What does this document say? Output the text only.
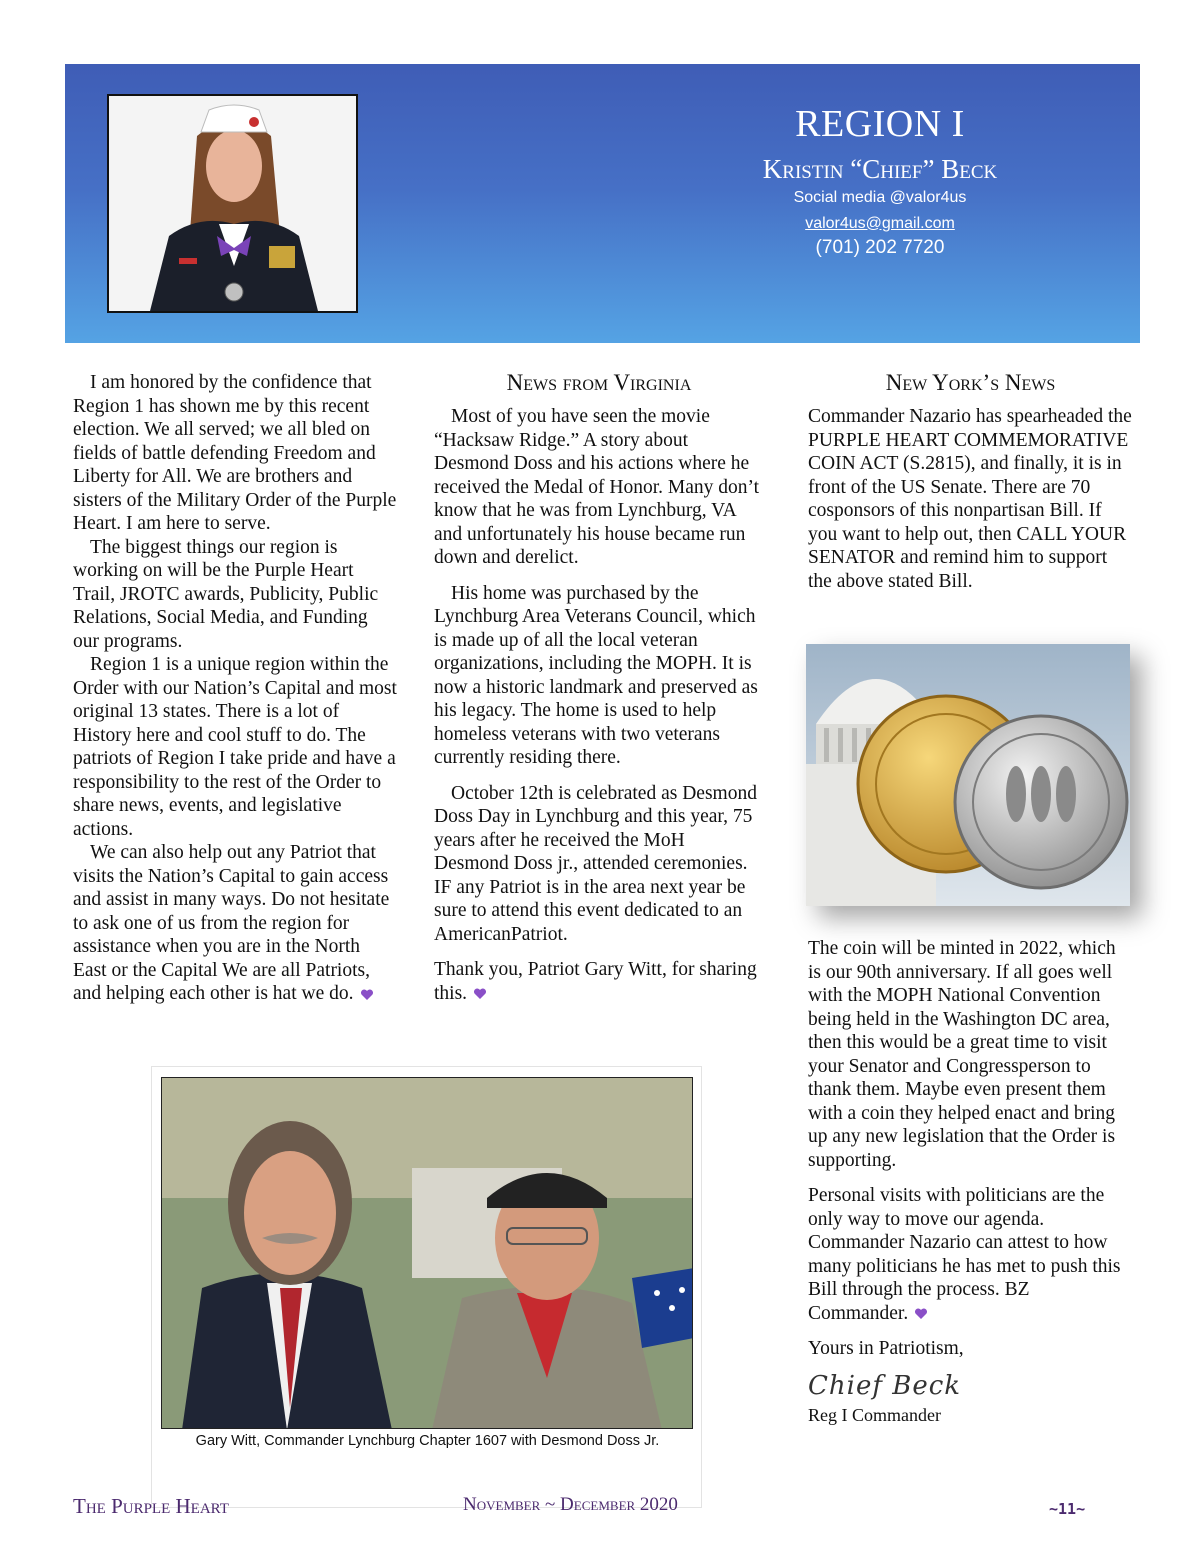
REGION I
Kristin “Chief” Beck
Social media @valor4us
valor4us@gmail.com
(701) 202 7720

I am honored by the confidence that Region 1 has shown me by this recent election. We all served; we all bled on fields of battle defending Freedom and Liberty for All. We are brothers and sisters of the Military Order of the Purple Heart. I am here to serve.

The biggest things our region is working on will be the Purple Heart Trail, JROTC awards, Publicity, Public Relations, Social Media, and Funding our programs.

Region 1 is a unique region within the Order with our Nation’s Capital and most original 13 states. There is a lot of History here and cool stuff to do. The patriots of Region I take pride and have a responsibility to the rest of the Order to share news, events, and legislative actions.

We can also help out any Patriot that visits the Nation’s Capital to gain access and assist in many ways. Do not hesitate to ask one of us from the region for assistance when you are in the North East or the Capital We are all Patriots, and helping each other is hat we do.

News from Virginia

Most of you have seen the movie “Hacksaw Ridge.” A story about Desmond Doss and his actions where he received the Medal of Honor. Many don’t know that he was from Lynchburg, VA and unfortunately his house became run down and derelict.

His home was purchased by the Lynchburg Area Veterans Council, which is made up of all the local veteran organizations, including the MOPH. It is now a historic landmark and preserved as his legacy. The home is used to help homeless veterans with two veterans currently residing there.

October 12th is celebrated as Desmond Doss Day in Lynchburg and this year, 75 years after he received the MoH Desmond Doss jr., attended ceremonies. IF any Patriot is in the area next year be sure to attend this event dedicated to an AmericanPatriot.

Thank you, Patriot Gary Witt, for sharing this.

New York’s News

Commander Nazario has spearheaded the PURPLE HEART COMMEMORATIVE COIN ACT (S.2815), and finally, it is in front of the US Senate. There are 70 cosponsors of this nonpartisan Bill. If you want to help out, then CALL YOUR SENATOR and remind him to support the above stated Bill.

The coin will be minted in 2022, which is our 90th anniversary. If all goes well with the MOPH National Convention being held in the Washington DC area, then this would be a great time to visit your Senator and Congressperson to thank them. Maybe even present them with a coin they helped enact and bring up any new legislation that the Order is supporting.

Personal visits with politicians are the only way to move our agenda. Commander Nazario can attest to how many politicians he has met to push this Bill through the process. BZ Commander.

Yours in Patriotism,

Chief Beck

Reg I Commander

Gary Witt, Commander Lynchburg Chapter 1607 with Desmond Doss Jr.
The Purple Heart	November ~ December 2020	~11~
